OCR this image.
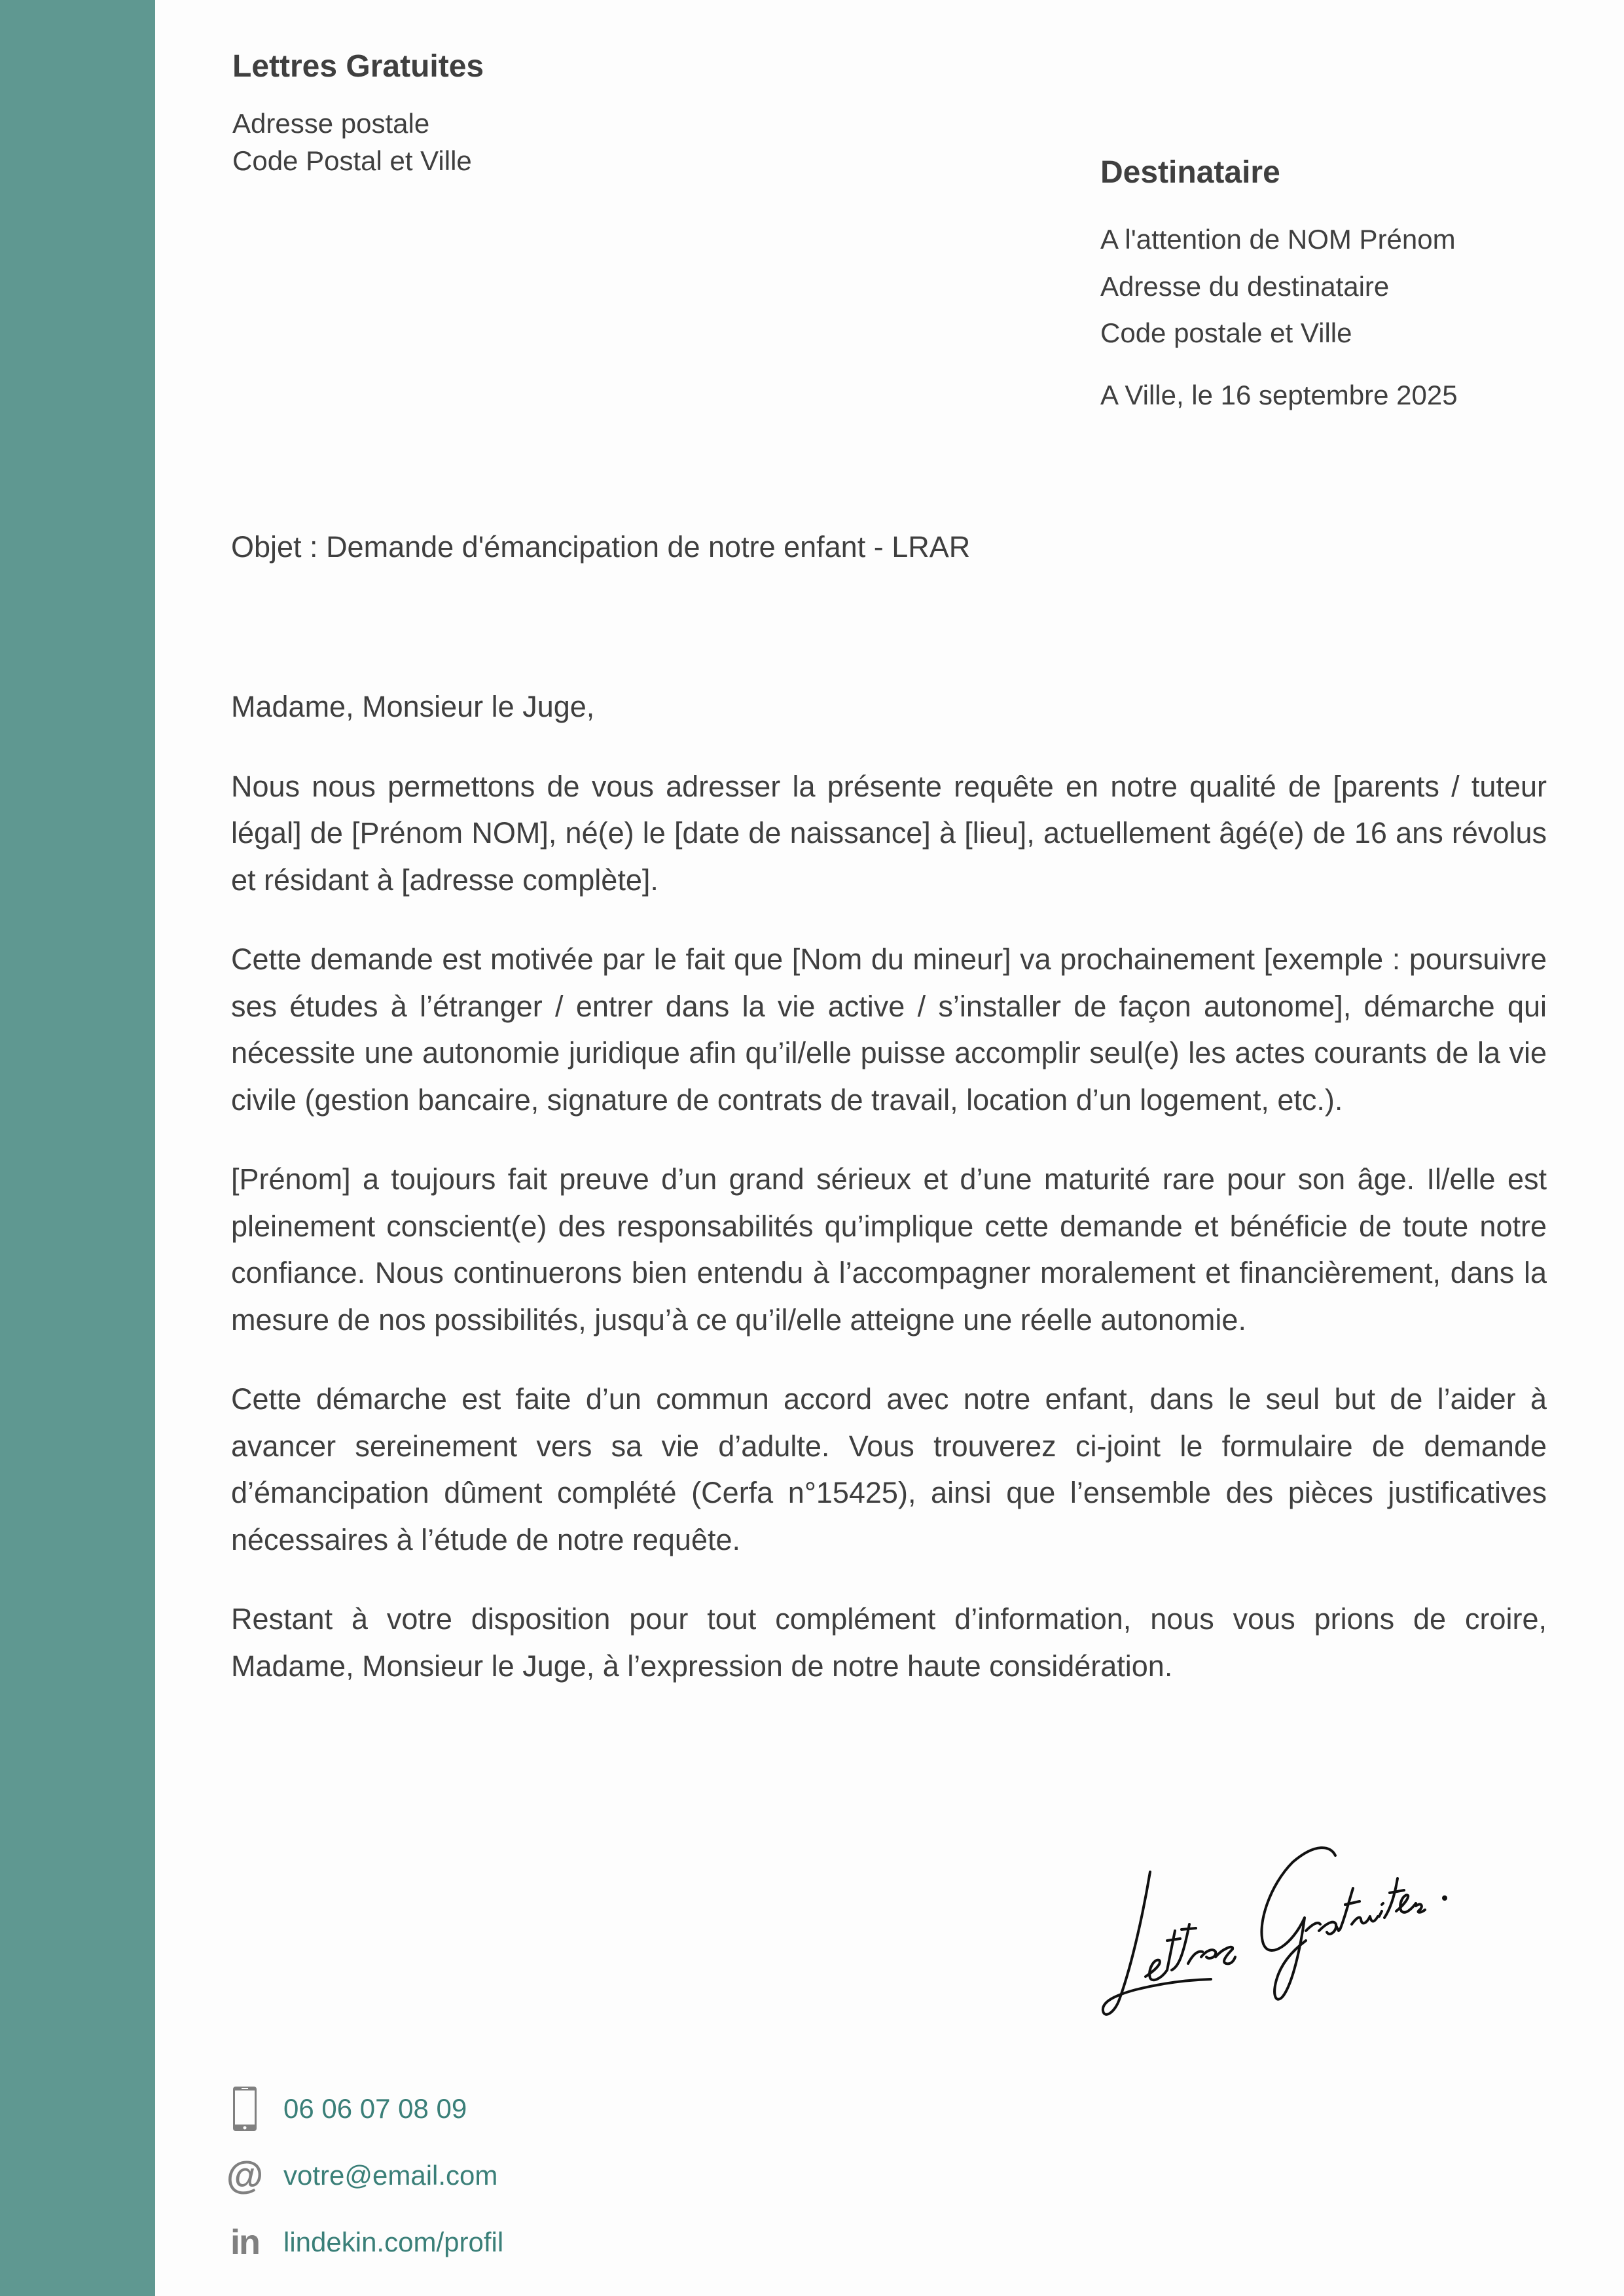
Lettres Gratuites
Adresse postale
Code Postal et Ville	Destinataire
A l'attention de NOM Prénom
Adresse du destinataire
Code postale et Ville
A Ville, le 16 septembre 2025
Objet : Demande d'émancipation de notre enfant - LRAR

Madame, Monsieur le Juge,

Nous nous permettons de vous adresser la présente requête en notre qualité de [parents / tuteur légal] de [Prénom NOM], né(e) le [date de naissance] à [lieu], actuellement âgé(e) de 16 ans révolus et résidant à [adresse complète].

Cette demande est motivée par le fait que [Nom du mineur] va prochainement [exemple : poursuivre ses études à l’étranger / entrer dans la vie active / s’installer de façon autonome], démarche qui nécessite une autonomie juridique afin qu’il/elle puisse accomplir seul(e) les actes courants de la vie civile (gestion bancaire, signature de contrats de travail, location d’un logement, etc.).

[Prénom] a toujours fait preuve d’un grand sérieux et d’une maturité rare pour son âge. Il/elle est pleinement conscient(e) des responsabilités qu’implique cette demande et bénéficie de toute notre confiance. Nous continuerons bien entendu à l’accompagner moralement et financièrement, dans la mesure de nos possibilités, jusqu’à ce qu’il/elle atteigne une réelle autonomie.

Cette démarche est faite d’un commun accord avec notre enfant, dans le seul but de l’aider à avancer sereinement vers sa vie d’adulte. Vous trouverez ci-joint le formulaire de demande d’émancipation dûment complété (Cerfa n°15425), ainsi que l’ensemble des pièces justificatives nécessaires à l’étude de notre requête.

Restant à votre disposition pour tout complément d’information, nous vous prions de croire, Madame, Monsieur le Juge, à l’expression de notre haute considération.

06 06 07 08 09
@ votre@email.com
in lindekin.com/profil
